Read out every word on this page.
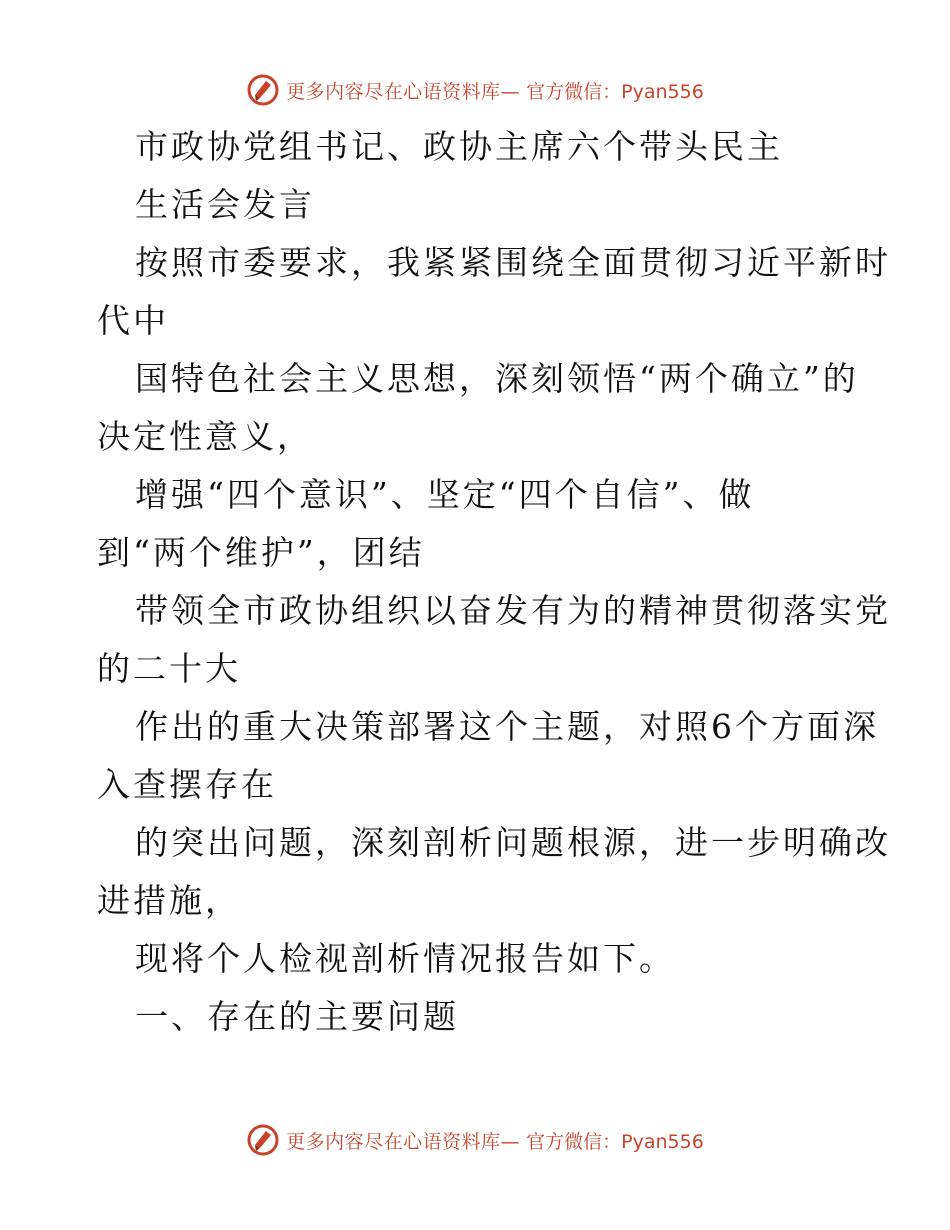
更多内容尽在心语资料库— 官方微信：Pyan556
市政协党组书记、政协主席六个带头民主
生活会发言
按照市委要求，我紧紧围绕全面贯彻习近平新时
代中
国特色社会主义思想，深刻领悟“两个确立”的
决定性意义，
增强“四个意识”、坚定“四个自信”、做
到“两个维护”，团结
带领全市政协组织以奋发有为的精神贯彻落实党
的二十大
作出的重大决策部署这个主题，对照6个方面深
入查摆存在
的突出问题，深刻剖析问题根源，进一步明确改
进措施，
现将个人检视剖析情况报告如下。
一、存在的主要问题
更多内容尽在心语资料库— 官方微信：Pyan556
